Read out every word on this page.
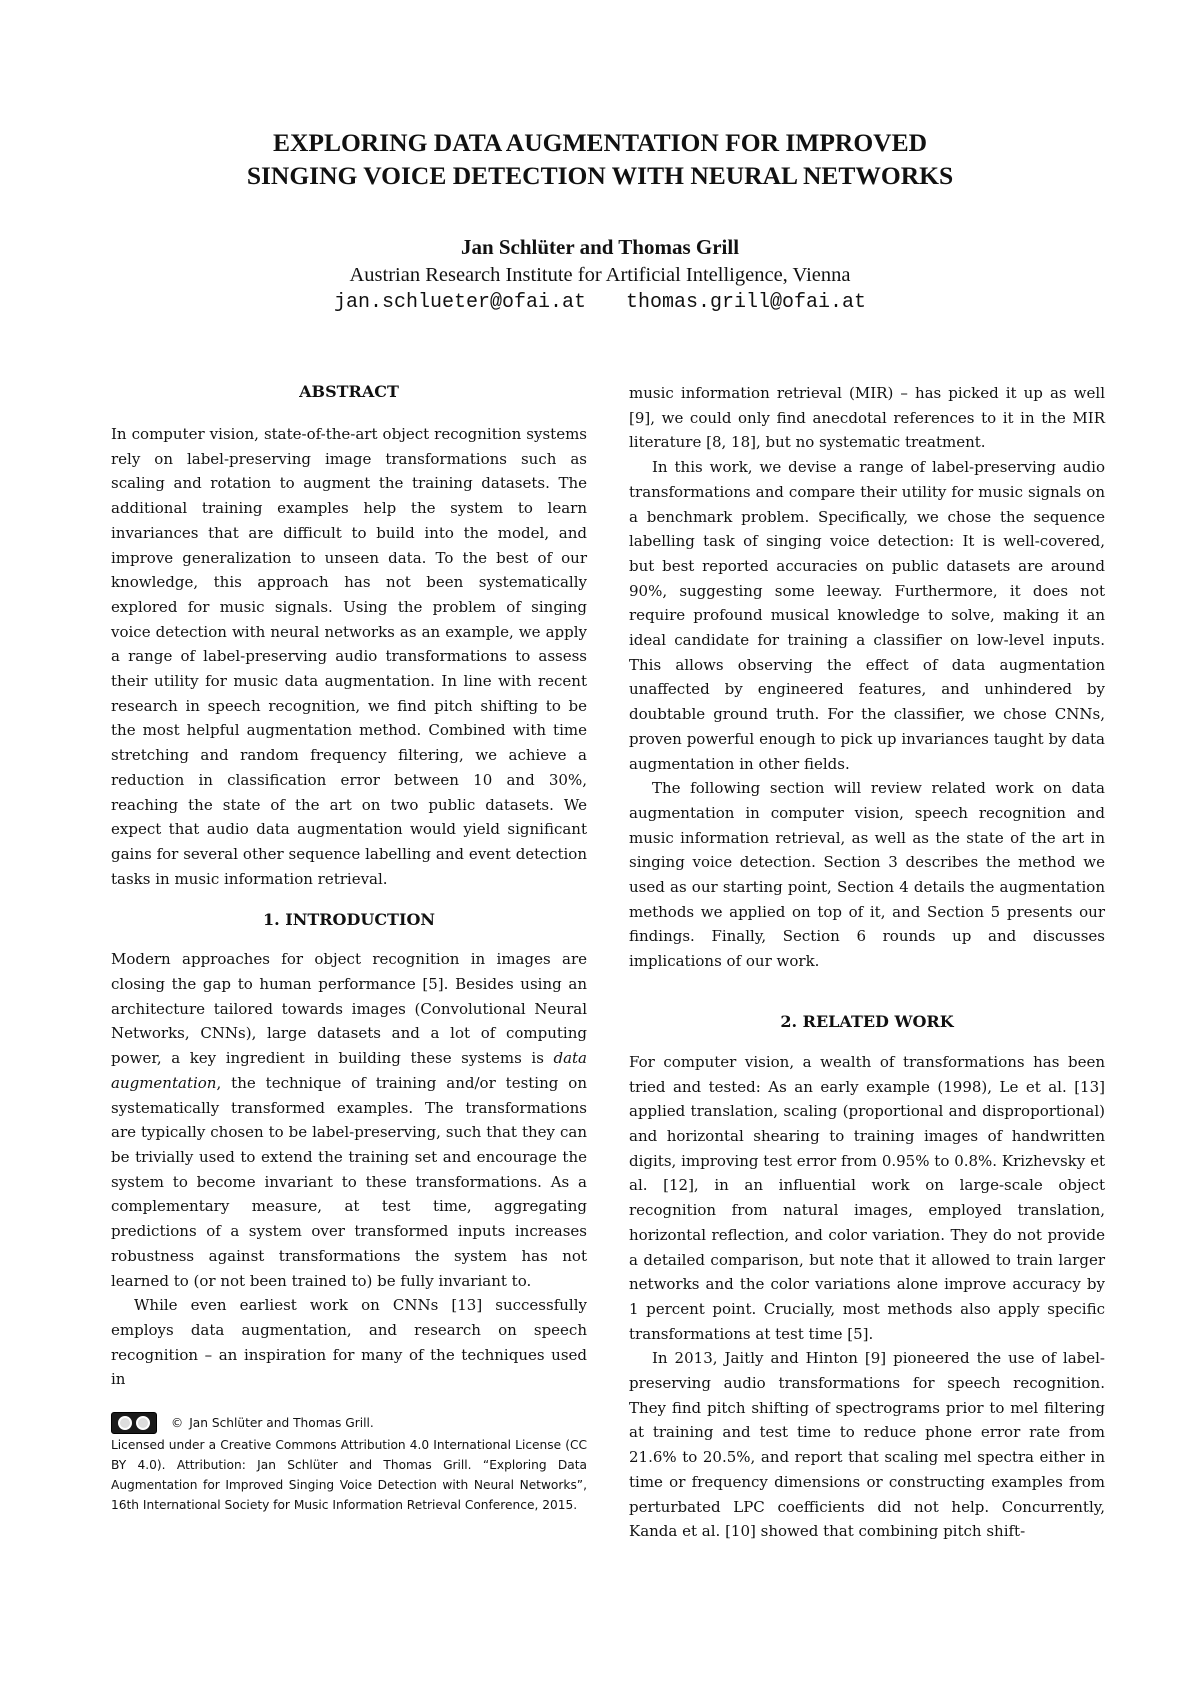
EXPLORING DATA AUGMENTATION FOR IMPROVED
SINGING VOICE DETECTION WITH NEURAL NETWORKS
Jan Schlüter and Thomas Grill
Austrian Research Institute for Artificial Intelligence, Vienna
jan.schlueter@ofai.at thomas.grill@ofai.at
ABSTRACT

In computer vision, state-of-the-art object recognition systems rely on label-preserving image transformations such as scaling and rotation to augment the training datasets. The additional training examples help the system to learn invariances that are difficult to build into the model, and improve generalization to unseen data. To the best of our knowledge, this approach has not been systematically explored for music signals. Using the problem of singing voice detection with neural networks as an example, we apply a range of label-preserving audio transformations to assess their utility for music data augmentation. In line with recent research in speech recognition, we find pitch shifting to be the most helpful augmentation method. Combined with time stretching and random frequency filtering, we achieve a reduction in classification error between 10 and 30%, reaching the state of the art on two public datasets. We expect that audio data augmentation would yield significant gains for several other sequence labelling and event detection tasks in music information retrieval.

1. INTRODUCTION

Modern approaches for object recognition in images are closing the gap to human performance [5]. Besides using an architecture tailored towards images (Convolutional Neural Networks, CNNs), large datasets and a lot of computing power, a key ingredient in building these systems is data augmentation, the technique of training and/or testing on systematically transformed examples. The transformations are typically chosen to be label-preserving, such that they can be trivially used to extend the training set and encourage the system to become invariant to these transformations. As a complementary measure, at test time, aggregating predictions of a system over transformed inputs increases robustness against transformations the system has not learned to (or not been trained to) be fully invariant to.

While even earliest work on CNNs [13] successfully employs data augmentation, and research on speech recognition – an inspiration for many of the techniques used in

© Jan Schlüter and Thomas Grill.
Licensed under a Creative Commons Attribution 4.0 International License (CC BY 4.0). Attribution: Jan Schlüter and Thomas Grill. “Exploring Data Augmentation for Improved Singing Voice Detection with Neural Networks”, 16th International Society for Music Information Retrieval Conference, 2015.

music information retrieval (MIR) – has picked it up as well [9], we could only find anecdotal references to it in the MIR literature [8, 18], but no systematic treatment.

In this work, we devise a range of label-preserving audio transformations and compare their utility for music signals on a benchmark problem. Specifically, we chose the sequence labelling task of singing voice detection: It is well-covered, but best reported accuracies on public datasets are around 90%, suggesting some leeway. Furthermore, it does not require profound musical knowledge to solve, making it an ideal candidate for training a classifier on low-level inputs. This allows observing the effect of data augmentation unaffected by engineered features, and unhindered by doubtable ground truth. For the classifier, we chose CNNs, proven powerful enough to pick up invariances taught by data augmentation in other fields.

The following section will review related work on data augmentation in computer vision, speech recognition and music information retrieval, as well as the state of the art in singing voice detection. Section 3 describes the method we used as our starting point, Section 4 details the augmentation methods we applied on top of it, and Section 5 presents our findings. Finally, Section 6 rounds up and discusses implications of our work.

2. RELATED WORK

For computer vision, a wealth of transformations has been tried and tested: As an early example (1998), Le et al. [13] applied translation, scaling (proportional and disproportional) and horizontal shearing to training images of handwritten digits, improving test error from 0.95% to 0.8%. Krizhevsky et al. [12], in an influential work on large-scale object recognition from natural images, employed translation, horizontal reflection, and color variation. They do not provide a detailed comparison, but note that it allowed to train larger networks and the color variations alone improve accuracy by 1 percent point. Crucially, most methods also apply specific transformations at test time [5].

In 2013, Jaitly and Hinton [9] pioneered the use of label-preserving audio transformations for speech recognition. They find pitch shifting of spectrograms prior to mel filtering at training and test time to reduce phone error rate from 21.6% to 20.5%, and report that scaling mel spectra either in time or frequency dimensions or constructing examples from perturbated LPC coefficients did not help. Concurrently, Kanda et al. [10] showed that combining pitch shift-
